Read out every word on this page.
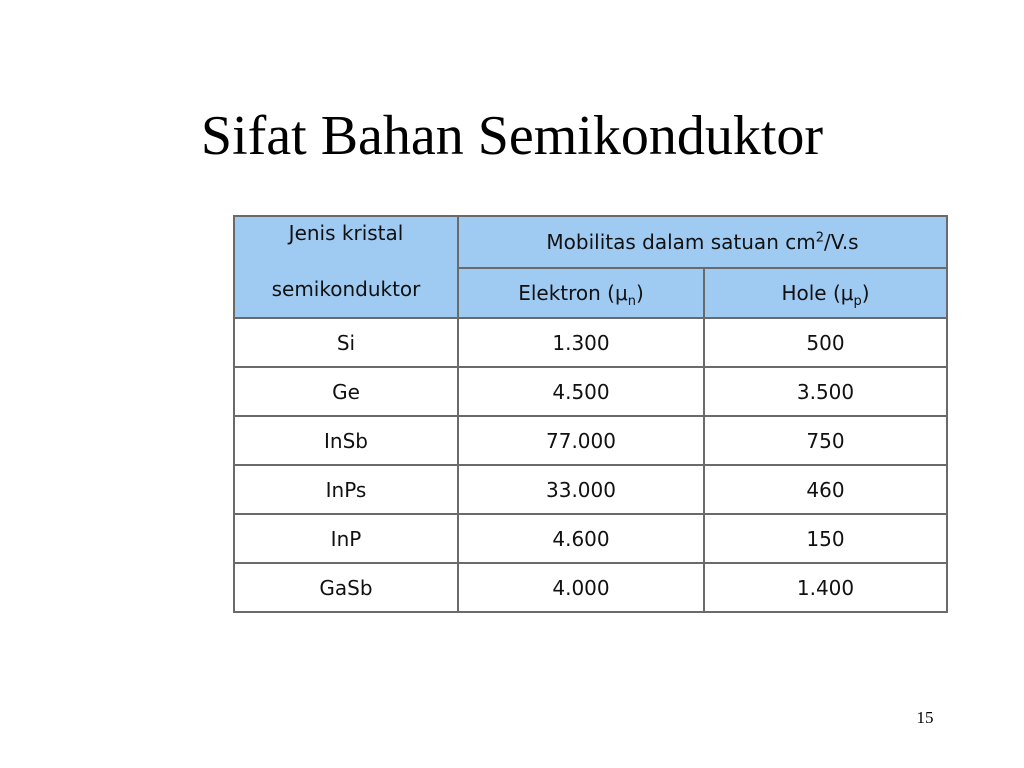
Sifat Bahan Semikonduktor
Jenis kristal
semikonduktor	Mobilitas dalam satuan $cm^2/V.s$	
	Elektron $(\mu_n)$	Hole $(\mu_p)$
Si	1.300	500
Ge	4.500	3.500
InSb	77.000	750
InPs	33.000	460
InP	4.600	150
GaSb	4.000	1.400
15
